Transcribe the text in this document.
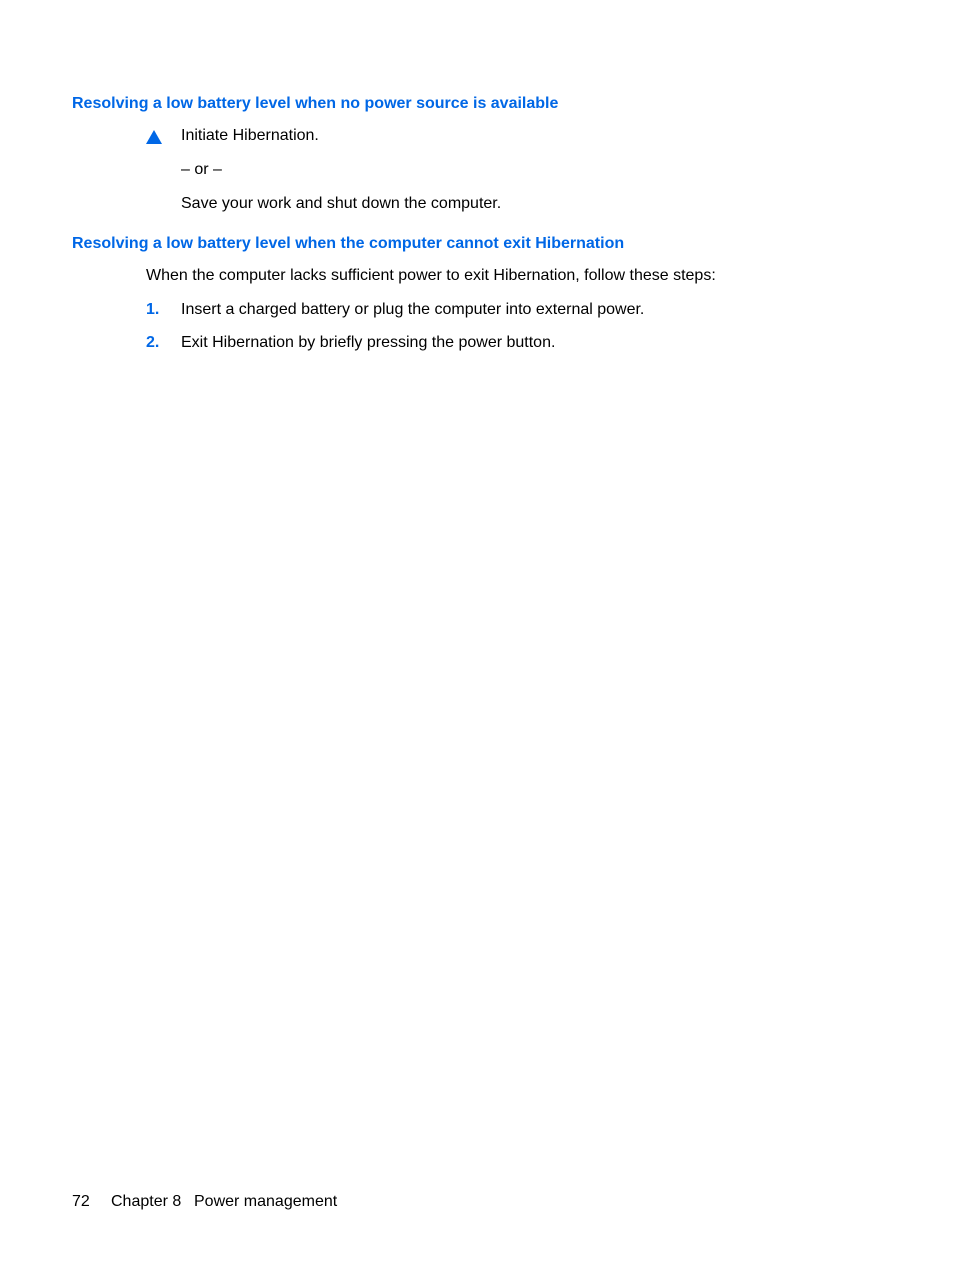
Resolving a low battery level when no power source is available
Initiate Hibernation.
– or –
Save your work and shut down the computer.
Resolving a low battery level when the computer cannot exit Hibernation
When the computer lacks sufficient power to exit Hibernation, follow these steps:
1. Insert a charged battery or plug the computer into external power.
2. Exit Hibernation by briefly pressing the power button.
72 Chapter 8 Power management
